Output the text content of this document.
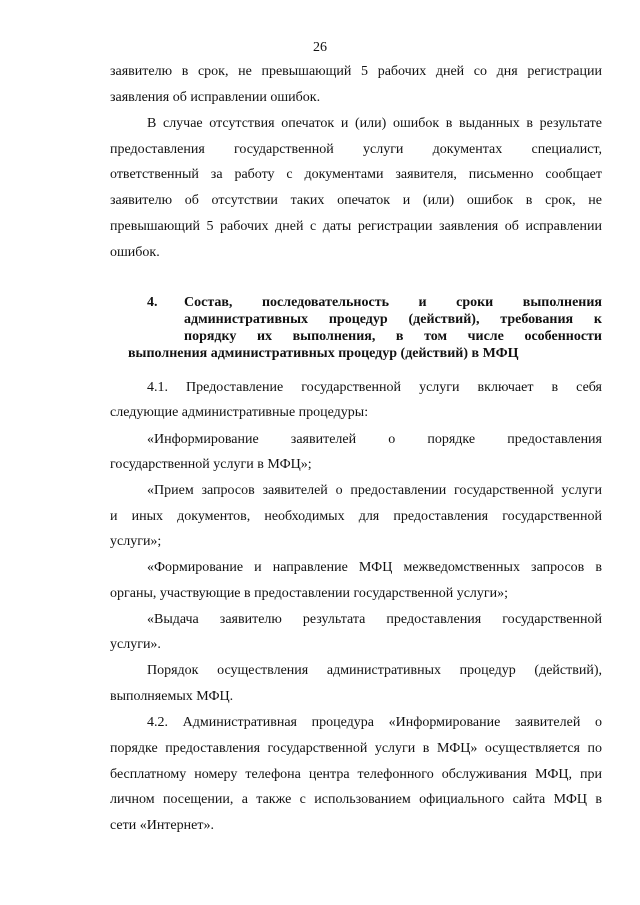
26
заявителю в срок, не превышающий 5 рабочих дней со дня регистрации
заявления об исправлении ошибок.
В случае отсутствия опечаток и (или) ошибок в выданных в результате
предоставления государственной услуги документах специалист,
ответственный за работу с документами заявителя, письменно сообщает
заявителю об отсутствии таких опечаток и (или) ошибок в срок, не
превышающий 5 рабочих дней с даты регистрации заявления об исправлении
ошибок.
4. Состав, последовательность и сроки выполнения
административных процедур (действий), требования к
порядку их выполнения, в том числе особенности
выполнения административных процедур (действий) в МФЦ
4.1. Предоставление государственной услуги включает в себя
следующие административные процедуры:
«Информирование заявителей о порядке предоставления
государственной услуги в МФЦ»;
«Прием запросов заявителей о предоставлении государственной услуги
и иных документов, необходимых для предоставления государственной
услуги»;
«Формирование и направление МФЦ межведомственных запросов в
органы, участвующие в предоставлении государственной услуги»;
«Выдача заявителю результата предоставления государственной
услуги».
Порядок осуществления административных процедур (действий),
выполняемых МФЦ.
4.2. Административная процедура «Информирование заявителей о
порядке предоставления государственной услуги в МФЦ» осуществляется по
бесплатному номеру телефона центра телефонного обслуживания МФЦ, при
личном посещении, а также с использованием официального сайта МФЦ в
сети «Интернет».
